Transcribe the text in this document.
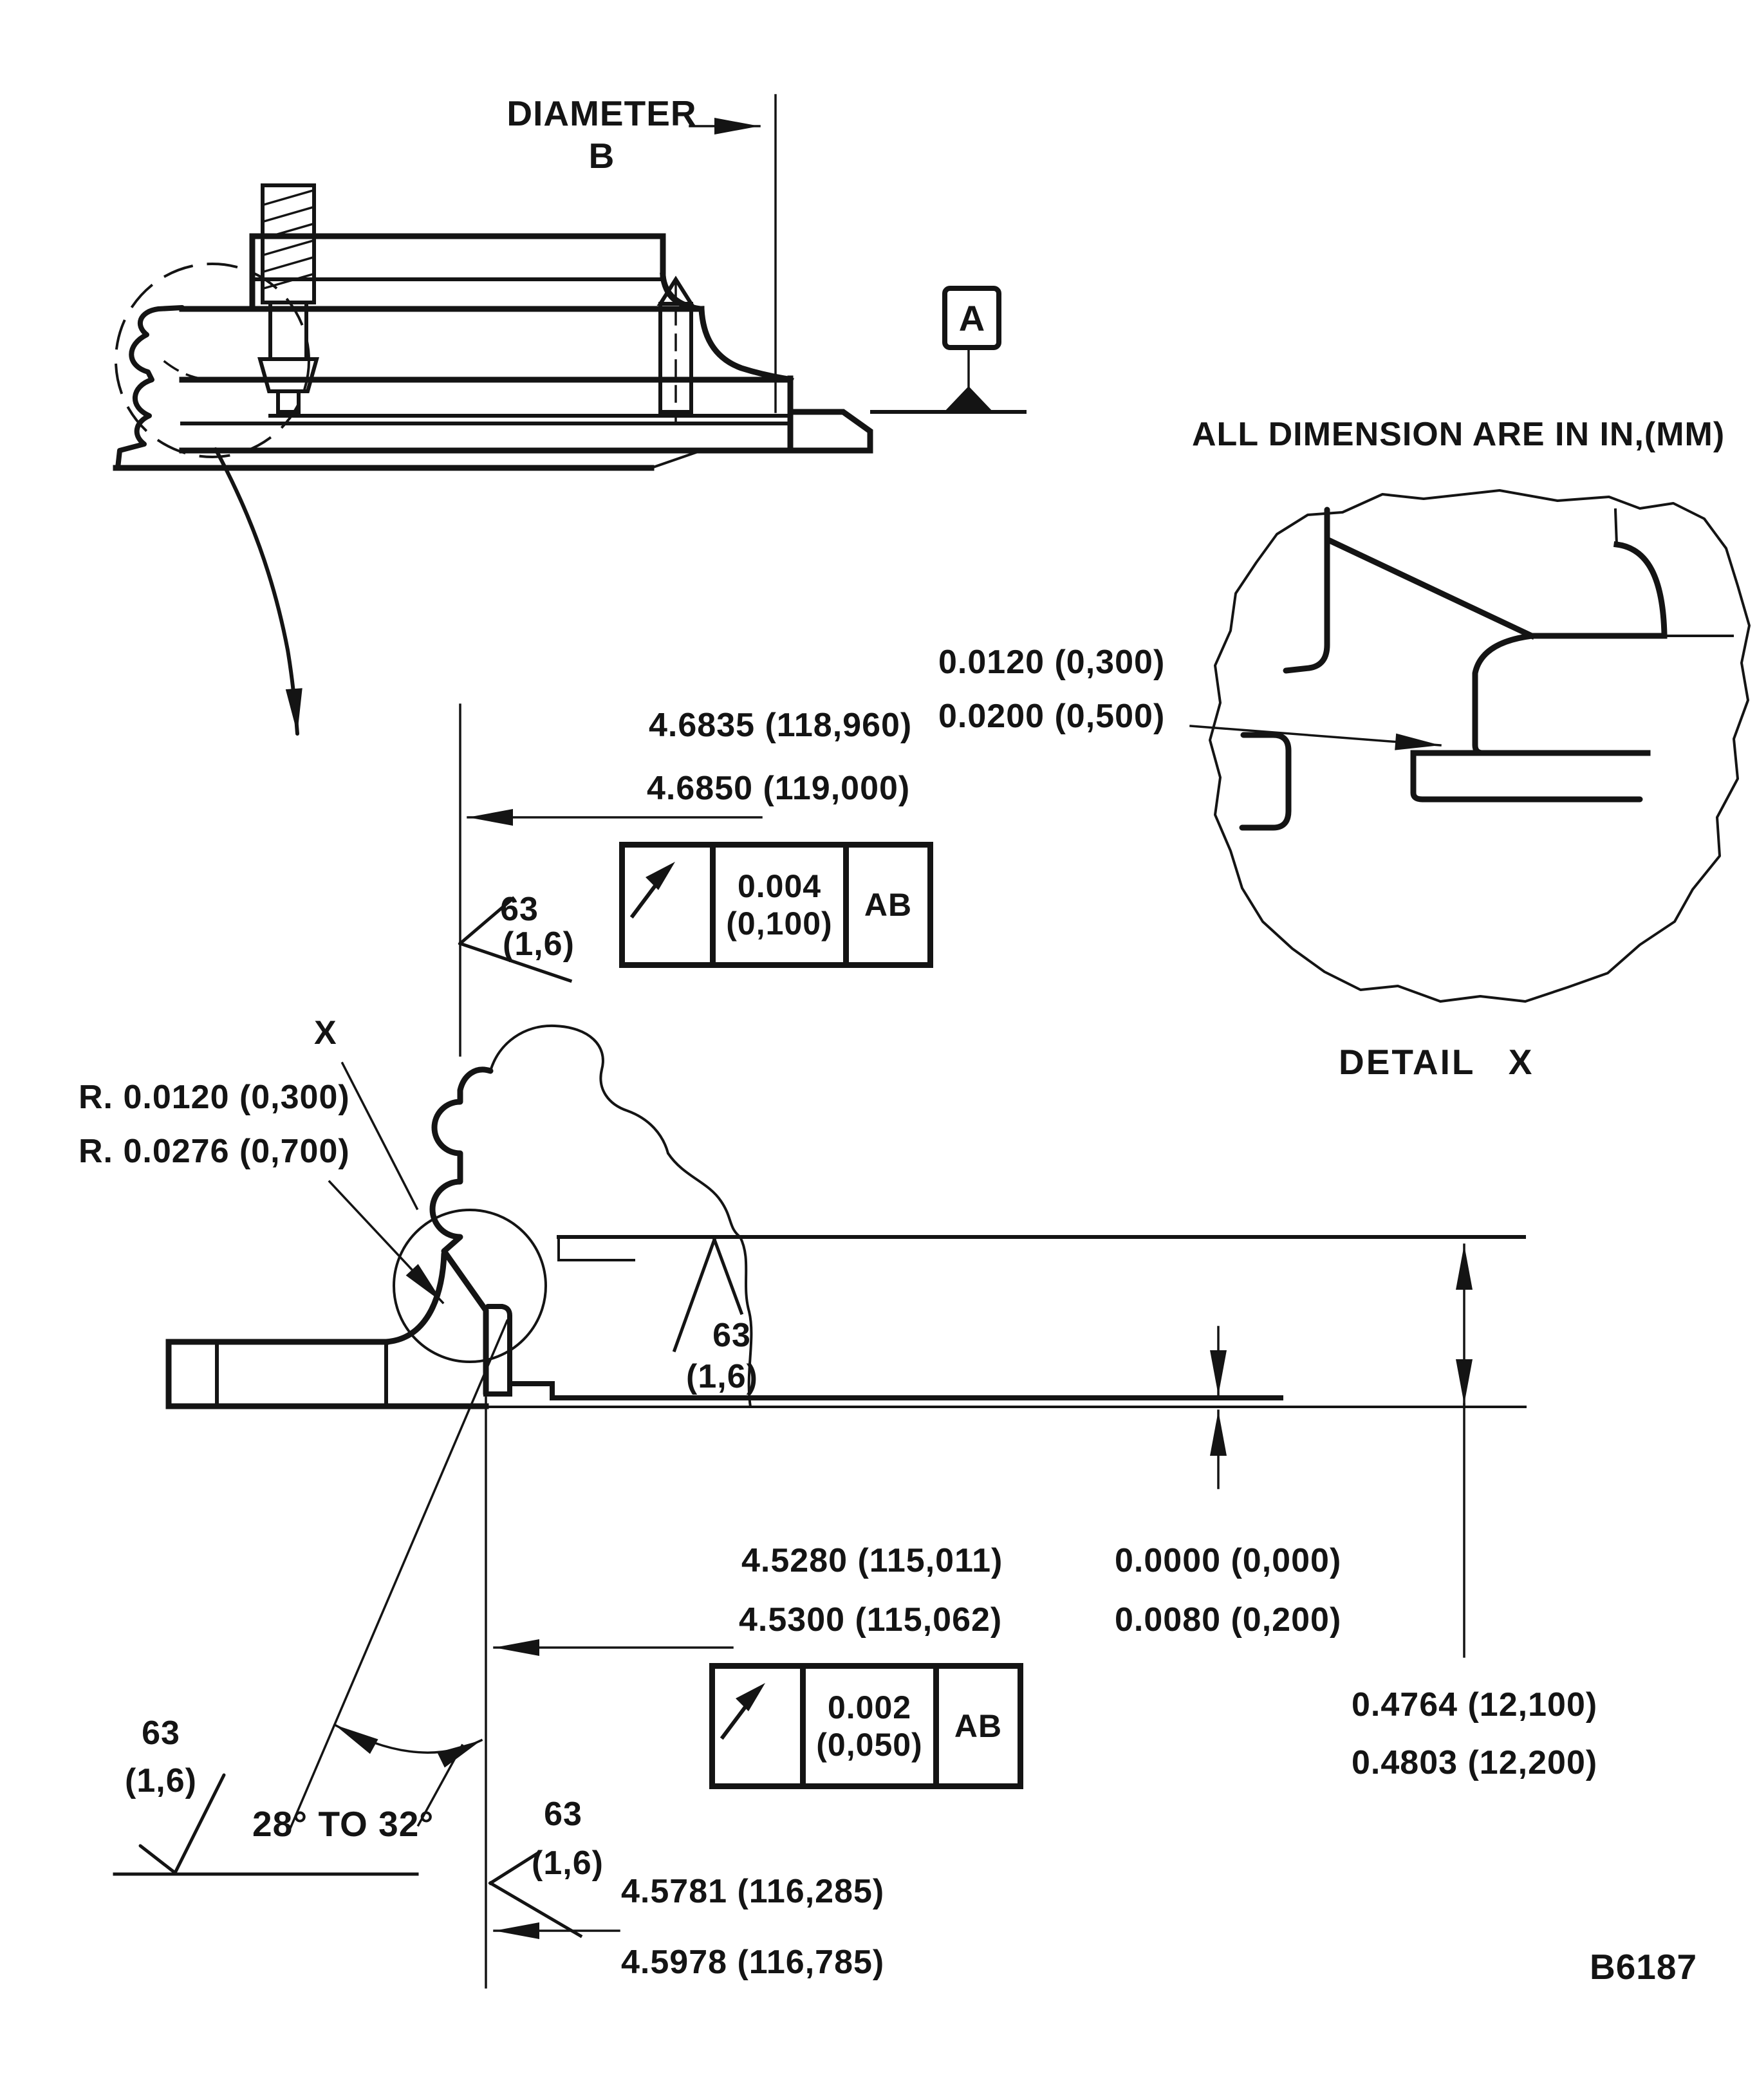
DIAMETER
B
A
ALL DIMENSION ARE IN IN,(MM)
0.0120 (0,300)
0.0200 (0,500)
DETAIL X
4.6835 (118,960)
4.6850 (119,000)
0.004
(0,100)
AB
63
(1,6)
X
R. 0.0120 (0,300)
R. 0.0276 (0,700)
63
(1,6)
4.5280 (115,011)
4.5300 (115,062)
0.0000 (0,000)
0.0080 (0,200)
0.002
(0,050)
AB
0.4764 (12,100)
0.4803 (12,200)
63
(1,6)
28° TO 32°	63
(1,6)
4.5781 (116,285)
4.5978 (116,785)	B6187
